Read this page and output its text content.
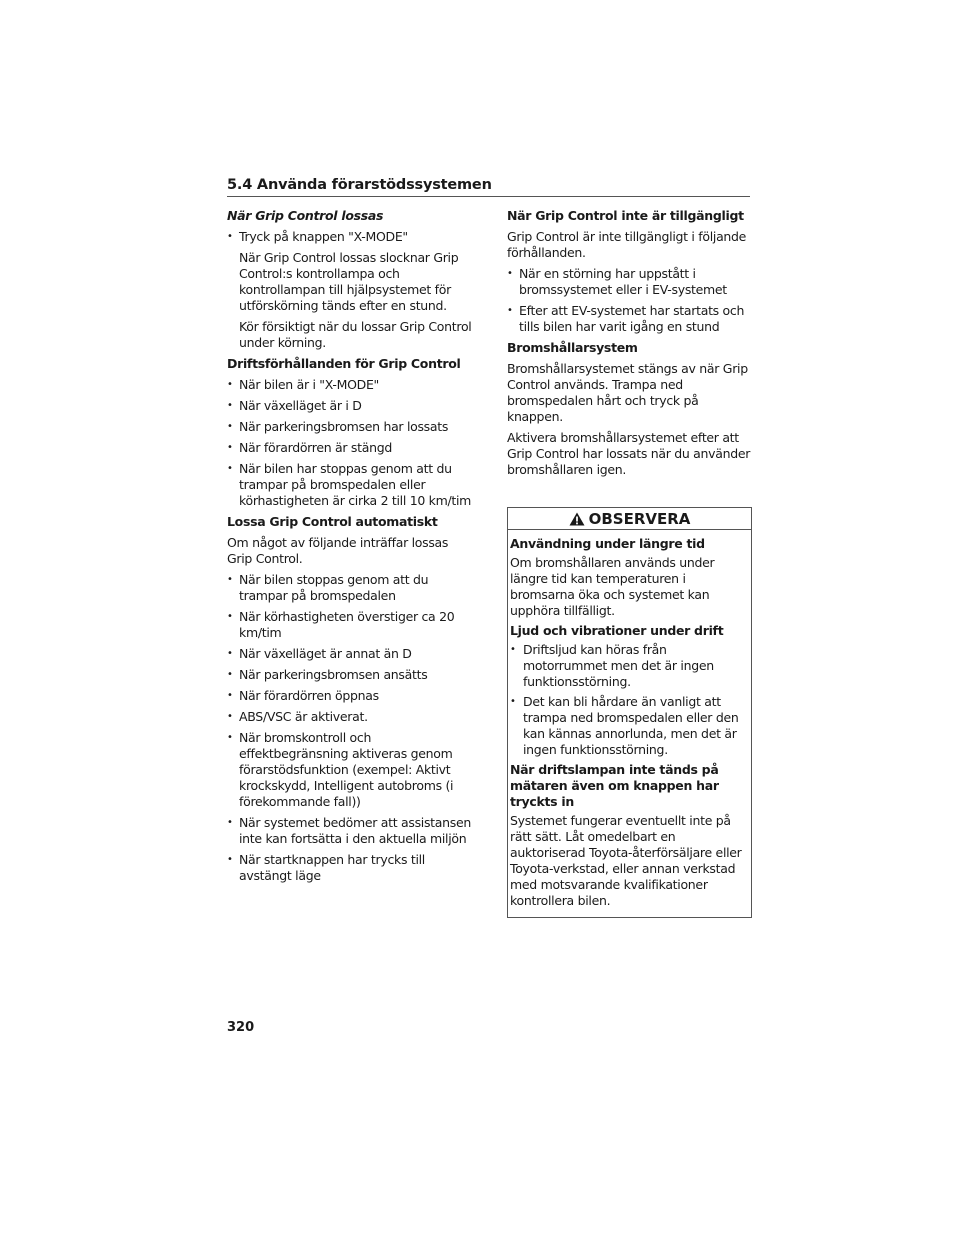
5.4 Använda förarstödssystemen
När Grip Control lossas
• Tryck på knappen "X-MODE"
När Grip Control lossas slocknar Grip Control:s kontrollampa och kontrollampan till hjälpsystemet för utförskörning tänds efter en stund.
Kör försiktigt när du lossar Grip Control under körning.
Driftsförhållanden för Grip Control
• När bilen är i "X-MODE"
• När växelläget är i D
• När parkeringsbromsen har lossats
• När förardörren är stängd
• När bilen har stoppas genom att du trampar på bromspedalen eller körhastigheten är cirka 2 till 10 km/tim
Lossa Grip Control automatiskt
Om något av följande inträffar lossas Grip Control.
• När bilen stoppas genom att du trampar på bromspedalen
• När körhastigheten överstiger ca 20 km/tim
• När växelläget är annat än D
• När parkeringsbromsen ansätts
• När förardörren öppnas
• ABS/VSC är aktiverat.
• När bromskontroll och effektbegränsning aktiveras genom förarstödsfunktion (exempel: Aktivt krockskydd, Intelligent autobroms (i förekommande fall))
• När systemet bedömer att assistansen inte kan fortsätta i den aktuella miljön
• När startknappen har trycks till avstängt läge
När Grip Control inte är tillgängligt
Grip Control är inte tillgängligt i följande förhållanden.
• När en störning har uppstått i bromssystemet eller i EV-systemet
• Efter att EV-systemet har startats och tills bilen har varit igång en stund
Bromshållarsystem
Bromshållarsystemet stängs av när Grip Control används. Trampa ned bromspedalen hårt och tryck på knappen.
Aktivera bromshållarsystemet efter att Grip Control har lossats när du använder bromshållaren igen.
OBSERVERA
Användning under längre tid
Om bromshållaren används under längre tid kan temperaturen i bromsarna öka och systemet kan upphöra tillfälligt.
Ljud och vibrationer under drift
• Driftsljud kan höras från motorrummet men det är ingen funktionsstörning.
• Det kan bli hårdare än vanligt att trampa ned bromspedalen eller den kan kännas annorlunda, men det är ingen funktionsstörning.
När driftslampan inte tänds på mätaren även om knappen har tryckts in
Systemet fungerar eventuellt inte på rätt sätt. Låt omedelbart en auktoriserad Toyota-återförsäljare eller Toyota-verkstad, eller annan verkstad med motsvarande kvalifikationer kontrollera bilen.
320
